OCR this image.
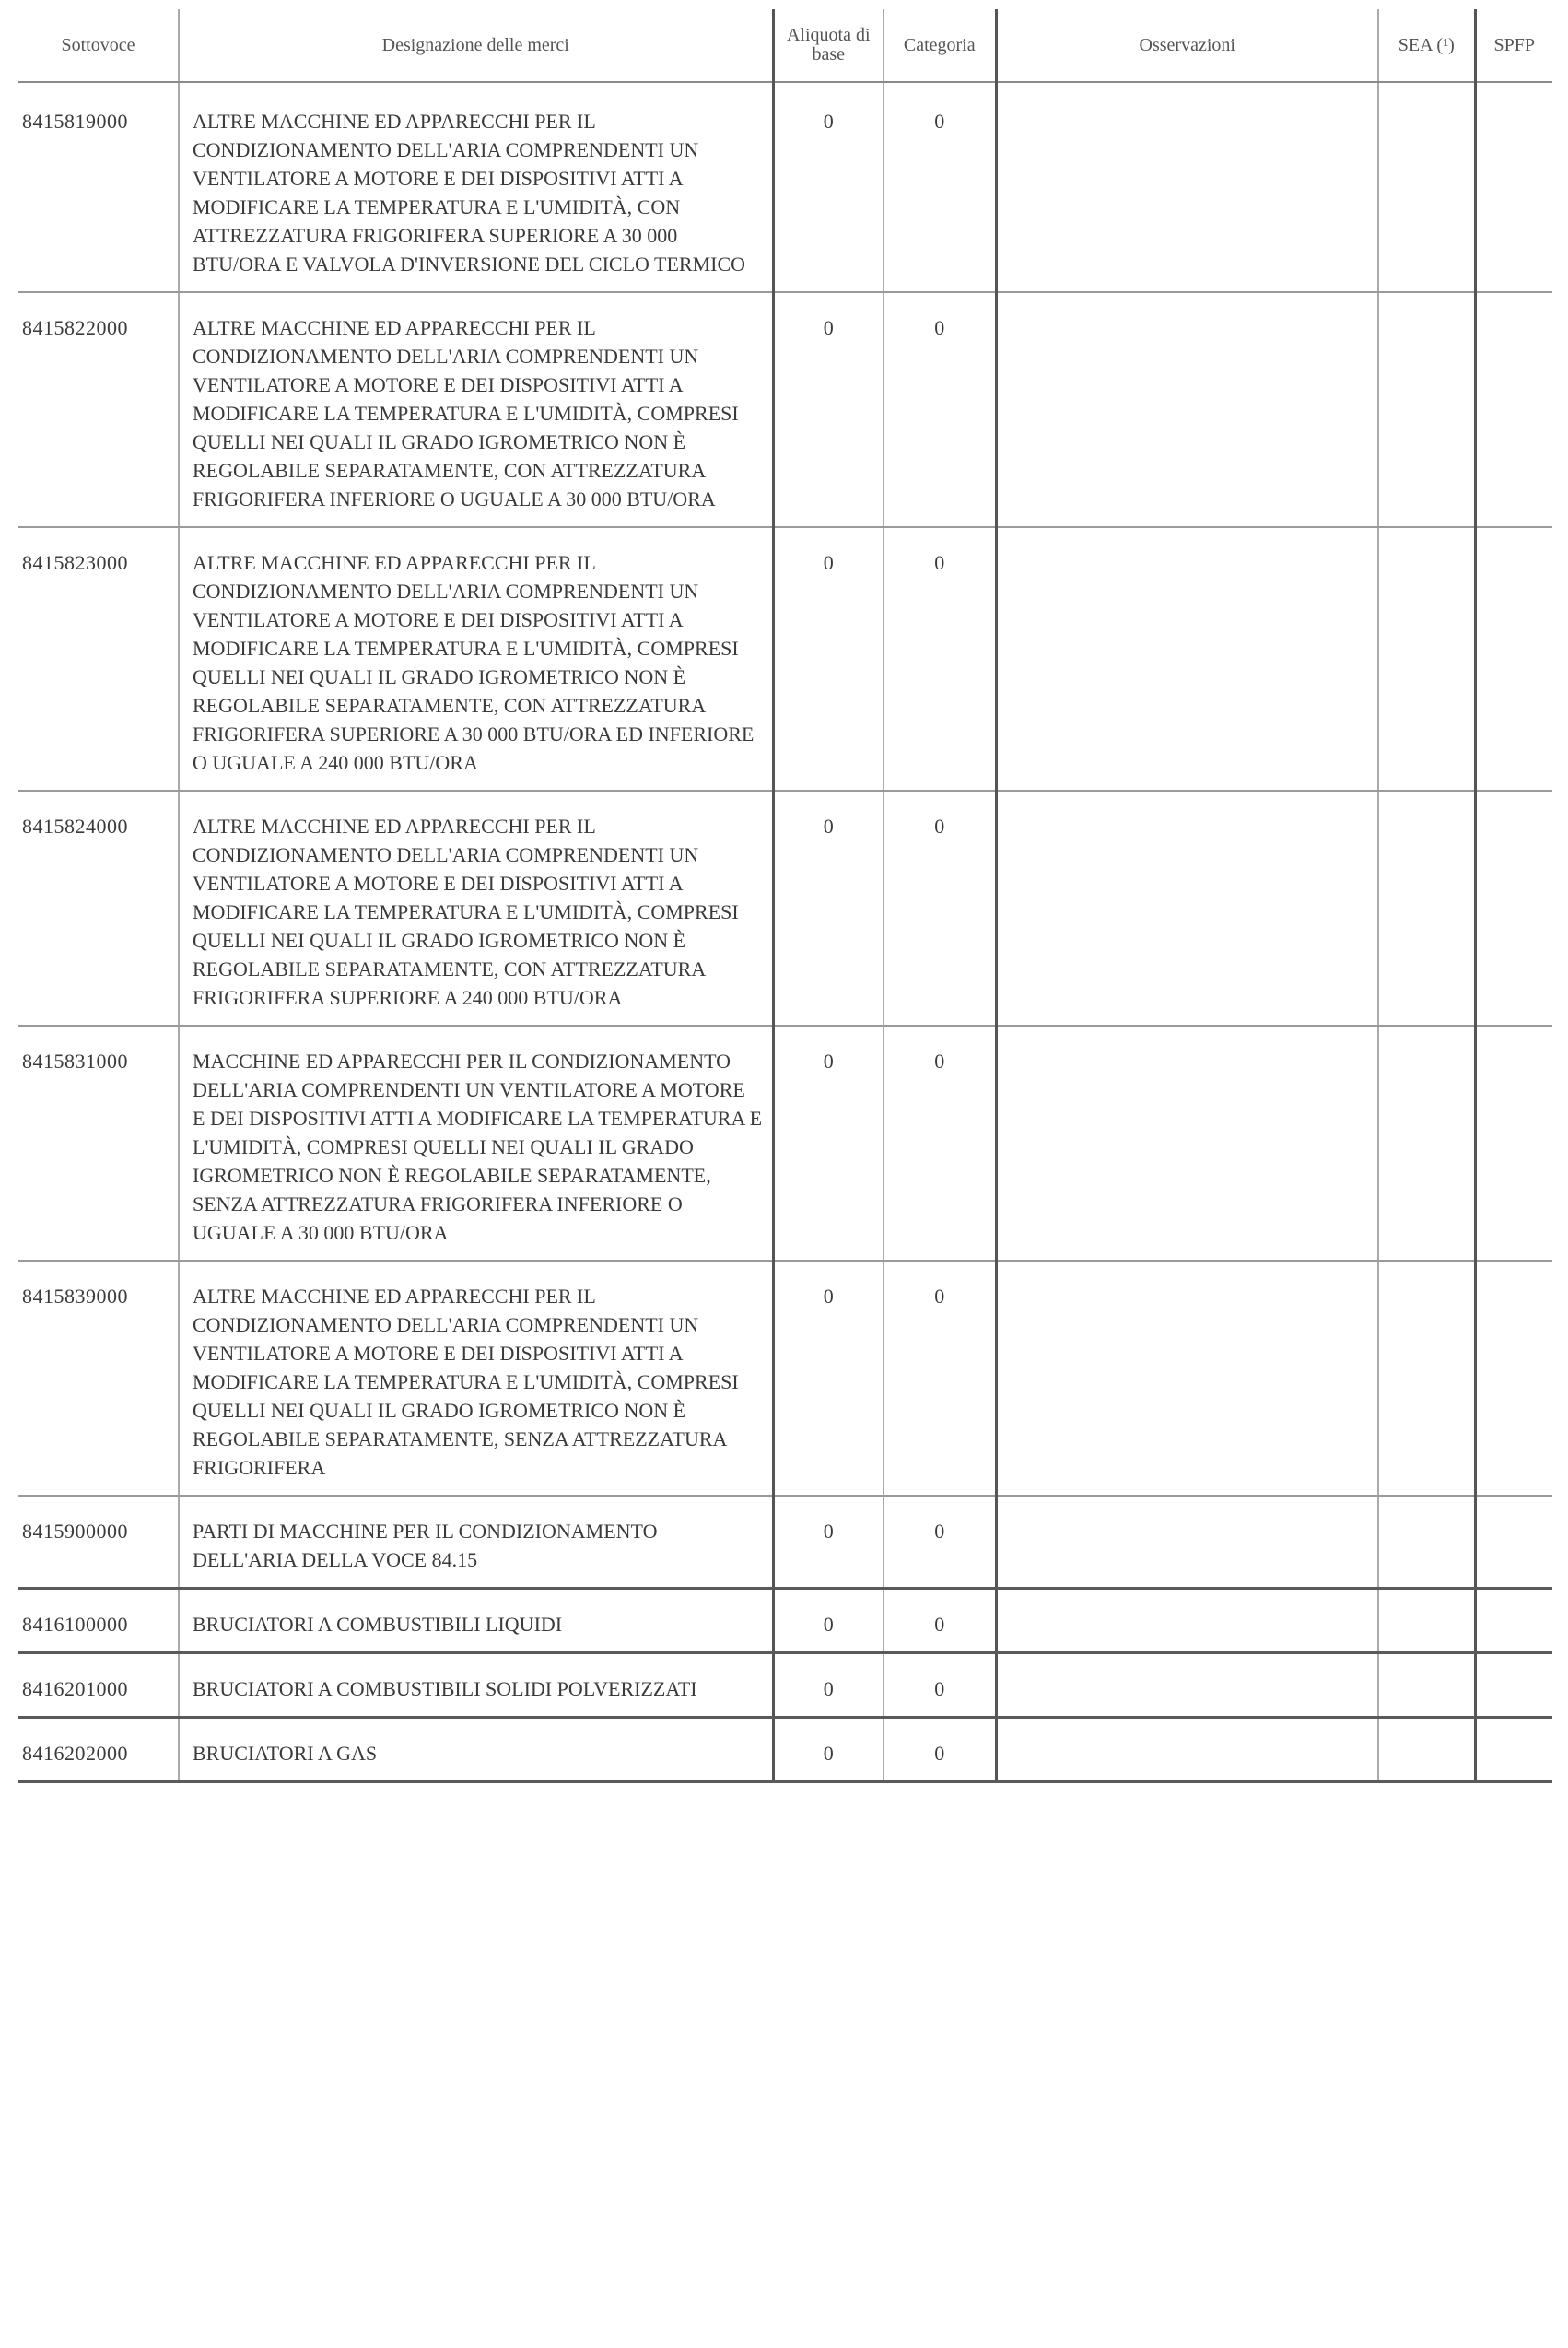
Sottovoce	Designazione delle merci	Aliquota di base	Categoria	Osservazioni	SEA (¹)	SPFP
8415819000	ALTRE MACCHINE ED APPARECCHI PER IL CONDIZIONAMENTO DELL'ARIA COMPRENDENTI UN VENTILATORE A MOTORE E DEI DISPOSITIVI ATTI A MODIFICARE LA TEMPERATURA E L'UMIDITÀ, CON ATTREZZATURA FRIGORIFERA SUPERIORE A 30 000 BTU/ORA E VALVOLA D'INVERSIONE DEL CICLO TERMICO	0	0			
8415822000	ALTRE MACCHINE ED APPARECCHI PER IL CONDIZIONAMENTO DELL'ARIA COMPRENDENTI UN VENTILATORE A MOTORE E DEI DISPOSITIVI ATTI A MODIFICARE LA TEMPERATURA E L'UMIDITÀ, COMPRESI QUELLI NEI QUALI IL GRADO IGROMETRICO NON È REGOLABILE SEPARATAMENTE, CON ATTREZZATURA FRIGORIFERA INFERIORE O UGUALE A 30 000 BTU/ORA	0	0			
8415823000	ALTRE MACCHINE ED APPARECCHI PER IL CONDIZIONAMENTO DELL'ARIA COMPRENDENTI UN VENTILATORE A MOTORE E DEI DISPOSITIVI ATTI A MODIFICARE LA TEMPERATURA E L'UMIDITÀ, COMPRESI QUELLI NEI QUALI IL GRADO IGROMETRICO NON È REGOLABILE SEPARATAMENTE, CON ATTREZZATURA FRIGORIFERA SUPERIORE A 30 000 BTU/ORA ED INFERIORE O UGUALE A 240 000 BTU/ORA	0	0			
8415824000	ALTRE MACCHINE ED APPARECCHI PER IL CONDIZIONAMENTO DELL'ARIA COMPRENDENTI UN VENTILATORE A MOTORE E DEI DISPOSITIVI ATTI A MODIFICARE LA TEMPERATURA E L'UMIDITÀ, COMPRESI QUELLI NEI QUALI IL GRADO IGROMETRICO NON È REGOLABILE SEPARATAMENTE, CON ATTREZZATURA FRIGORIFERA SUPERIORE A 240 000 BTU/ORA	0	0			
8415831000	MACCHINE ED APPARECCHI PER IL CONDIZIONAMENTO DELL'ARIA COMPRENDENTI UN VENTILATORE A MOTORE E DEI DISPOSITIVI ATTI A MODIFICARE LA TEMPERATURA E L'UMIDITÀ, COMPRESI QUELLI NEI QUALI IL GRADO IGROMETRICO NON È REGOLABILE SEPARATAMENTE, SENZA ATTREZZATURA FRIGORIFERA INFERIORE O UGUALE A 30 000 BTU/ORA	0	0			
8415839000	ALTRE MACCHINE ED APPARECCHI PER IL CONDIZIONAMENTO DELL'ARIA COMPRENDENTI UN VENTILATORE A MOTORE E DEI DISPOSITIVI ATTI A MODIFICARE LA TEMPERATURA E L'UMIDITÀ, COMPRESI QUELLI NEI QUALI IL GRADO IGROMETRICO NON È REGOLABILE SEPARATAMENTE, SENZA ATTREZZATURA FRIGORIFERA	0	0			
8415900000	PARTI DI MACCHINE PER IL CONDIZIONAMENTO DELL'ARIA DELLA VOCE 84.15	0	0			
8416100000	BRUCIATORI A COMBUSTIBILI LIQUIDI	0	0			
8416201000	BRUCIATORI A COMBUSTIBILI SOLIDI POLVERIZZATI	0	0			
8416202000	BRUCIATORI A GAS	0	0			
